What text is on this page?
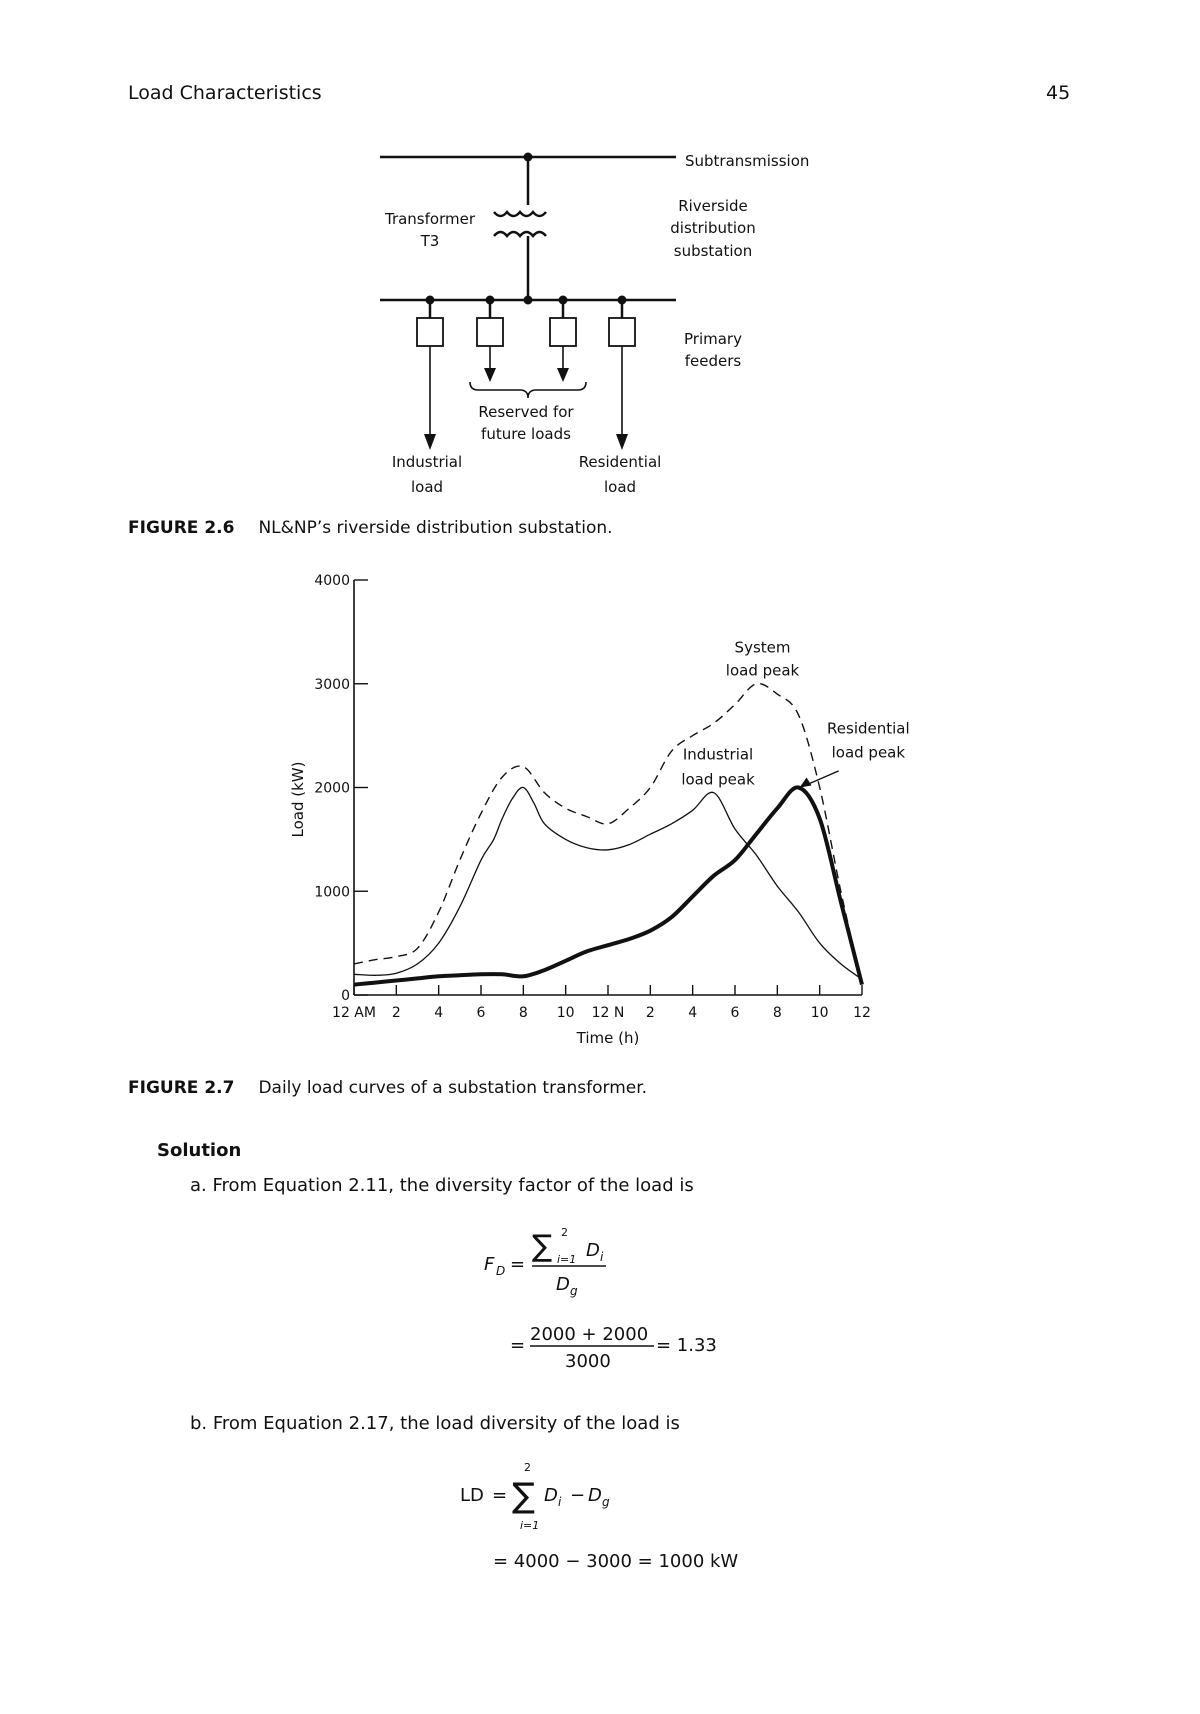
Load Characteristics	45
Subtransmission
Transformer
T3
Riverside
distribution
substation
Primary
feeders
Reserved for
future loads
Industrial
load
Residential
load
FIGURE 2.6 NL&NP’s riverside distribution substation.
0
1000
2000
3000
4000
12 AM 2 4 6 8 10 12 N 2 4 6 8 10 12
Time (h)
Load (kW)
System
load peak
Industrial
load peak
Residential
load peak
FIGURE 2.7 Daily load curves of a substation transformer.
Solution
a. From Equation 2.11, the diversity factor of the load is
F D =
∑ 2
i=1 D i
D g
=
2000 + 2000
3000
= 1.33
b. From Equation 2.17, the load diversity of the load is
LD = ∑
2
i=1
D i − D g
= 4000 − 3000 = 1000 kW
